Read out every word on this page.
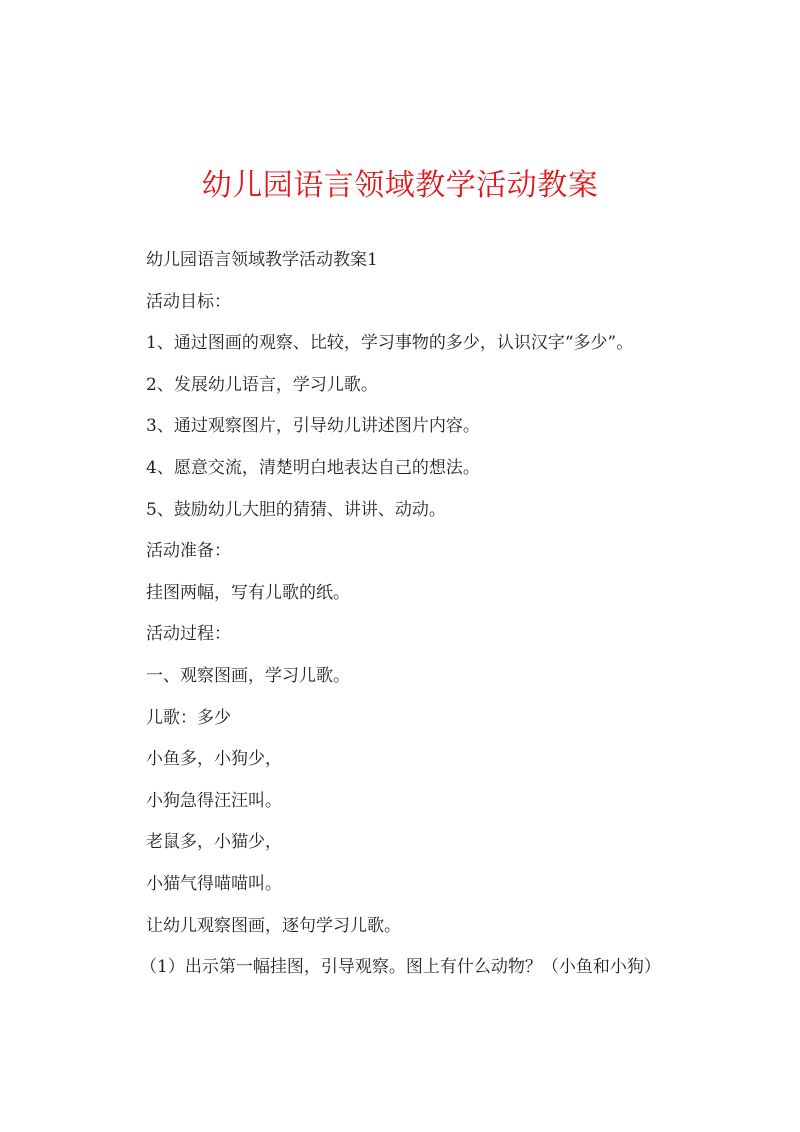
幼儿园语言领域教学活动教案
幼儿园语言领域教学活动教案1
活动目标：
1、通过图画的观察、比较，学习事物的多少，认识汉字“多少”。
2、发展幼儿语言，学习儿歌。
3、通过观察图片，引导幼儿讲述图片内容。
4、愿意交流，清楚明白地表达自己的想法。
5、鼓励幼儿大胆的猜猜、讲讲、动动。
活动准备：
挂图两幅，写有儿歌的纸。
活动过程：
一、观察图画，学习儿歌。
儿歌：多少
小鱼多，小狗少，
小狗急得汪汪叫。
老鼠多，小猫少，
小猫气得喵喵叫。
让幼儿观察图画，逐句学习儿歌。
（1）出示第一幅挂图，引导观察。图上有什么动物？（小鱼和小狗）
